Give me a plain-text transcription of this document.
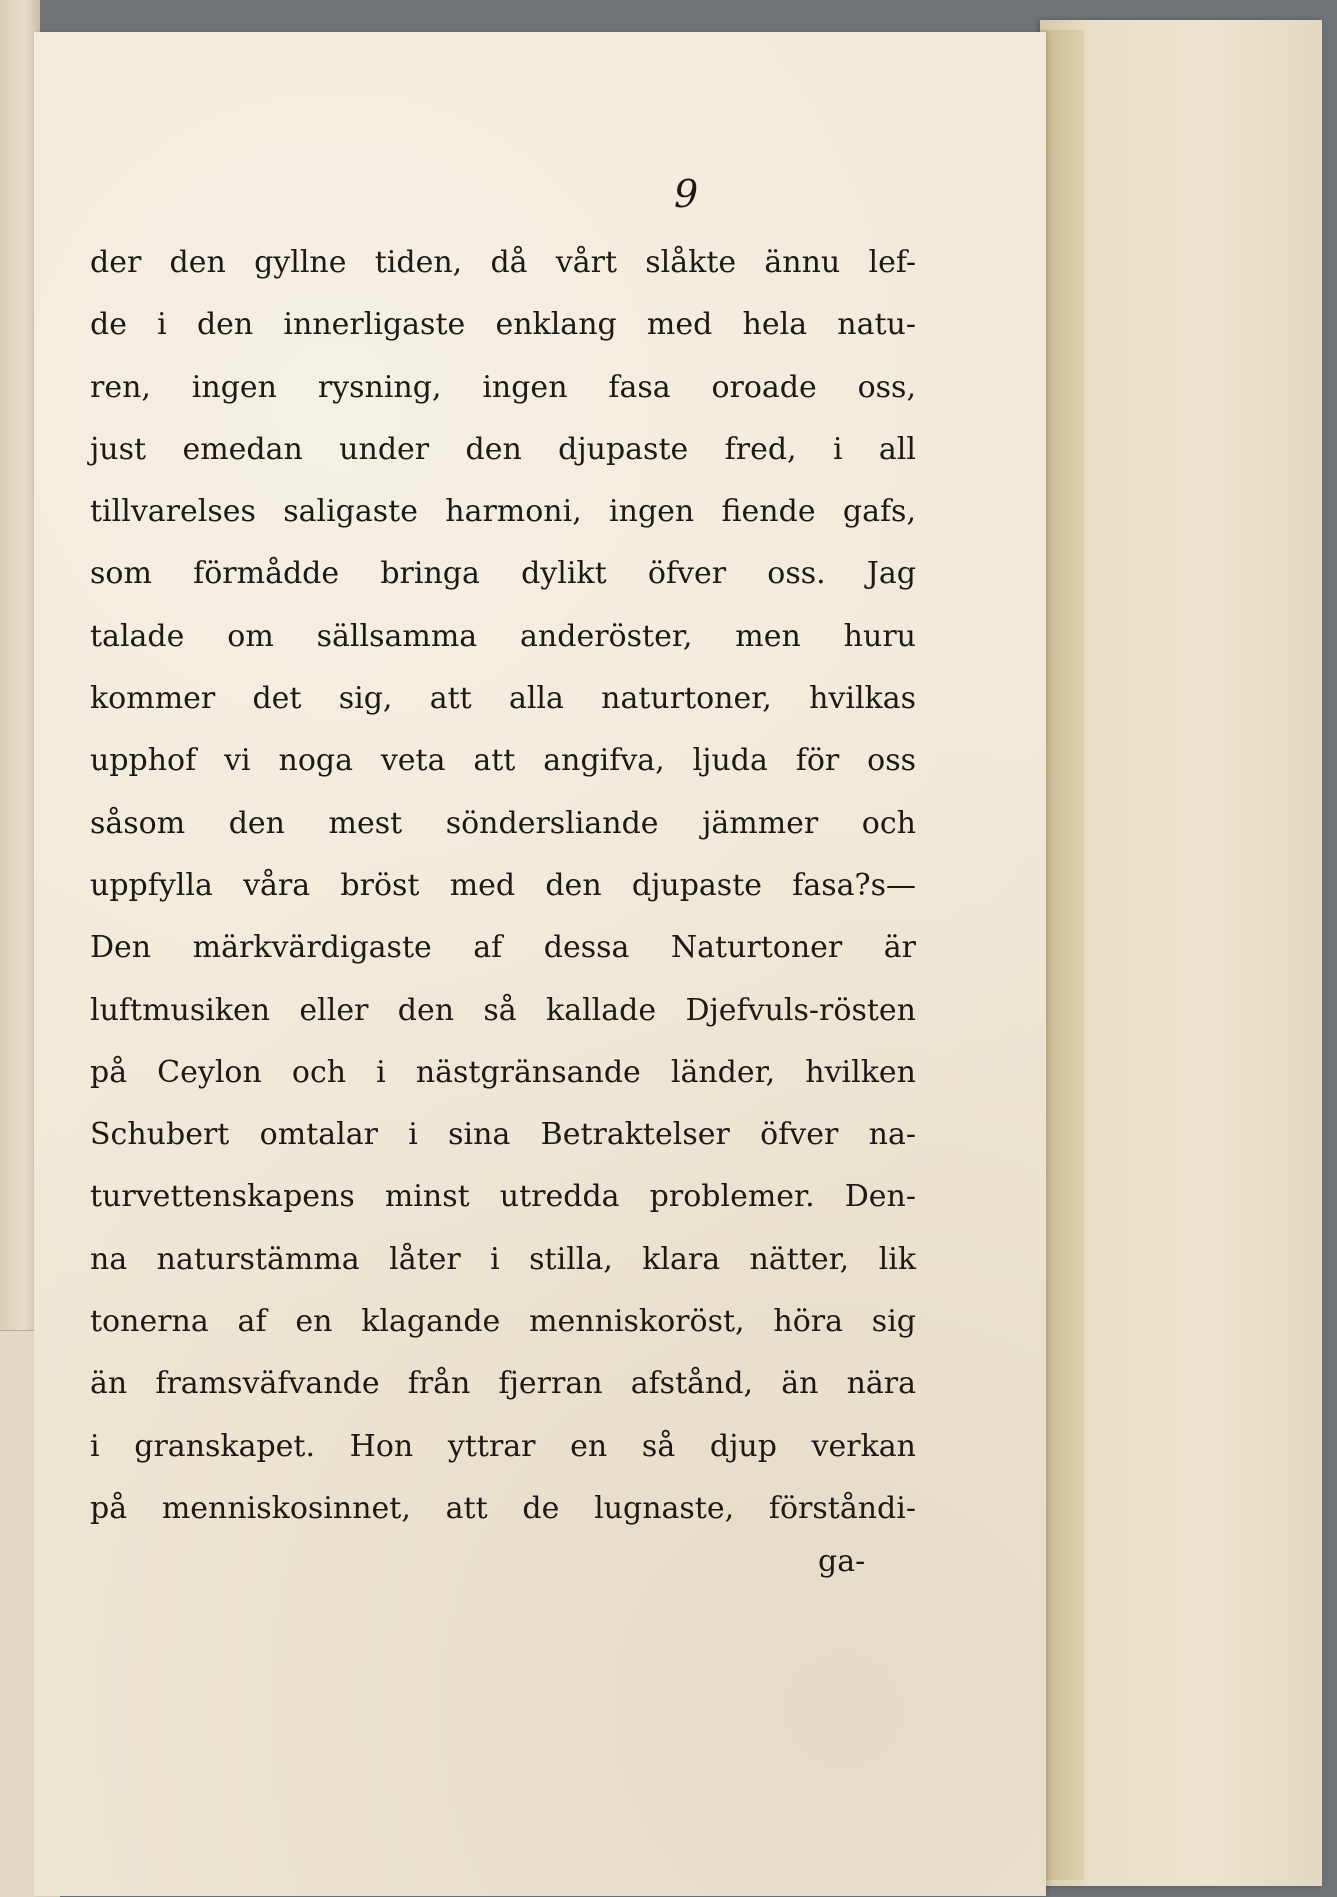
9
der den gyllne tiden, då vårt slåkte ännu lef-
de i den innerligaste enklang med hela natu-
ren, ingen rysning, ingen fasa oroade oss,
just emedan under den djupaste fred, i all
tillvarelses saligaste harmoni, ingen fiende gafs,
som förmådde bringa dylikt öfver oss. Jag
talade om sällsamma anderöster, men huru
kommer det sig, att alla naturtoner, hvilkas
upphof vi noga veta att angifva, ljuda för oss
såsom den mest söndersliande jämmer och
uppfylla våra bröst med den djupaste fasa?s—
Den märkvärdigaste af dessa Naturtoner är
luftmusiken eller den så kallade Djefvuls-rösten
på Ceylon och i nästgränsande länder, hvilken
Schubert omtalar i sina Betraktelser öfver na-
turvettenskapens minst utredda problemer. Den-
na naturstämma låter i stilla, klara nätter, lik
tonerna af en klagande menniskoröst, höra sig
än framsväfvande från fjerran afstånd, än nära
i granskapet. Hon yttrar en så djup verkan
på menniskosinnet, att de lugnaste, förståndi-
ga-
